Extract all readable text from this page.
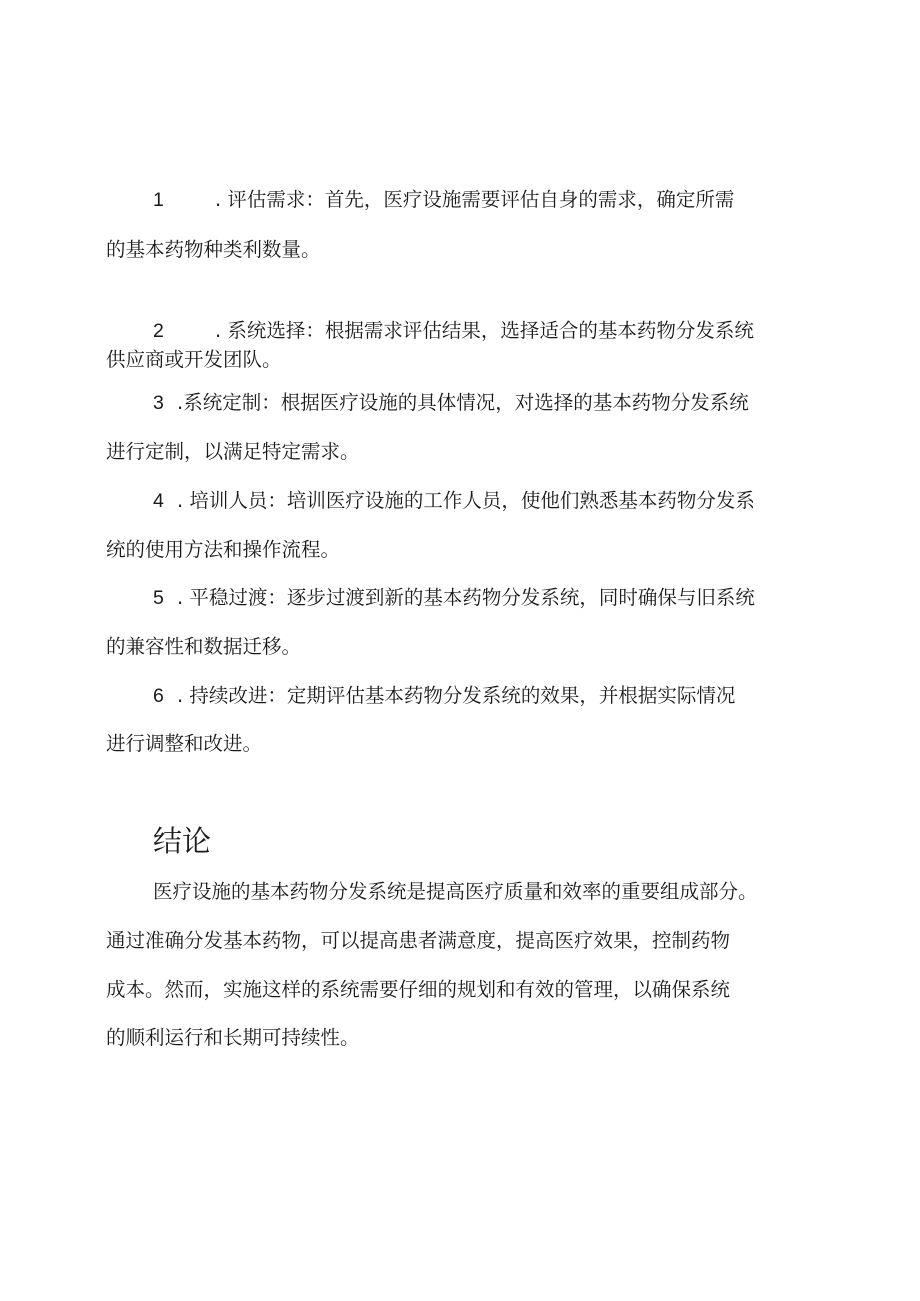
1	. 评估需求：首先，医疗设施需要评估自身的需求，确定所需
的基本药物种类利数量。
2	. 系统选择：根据需求评估结果，选择适合的基本药物分发系统
供应商或开发团队。
3 .系统定制：根据医疗设施的具体情况，对选择的基本药物分发系统
进行定制，以满足特定需求。
4 . 培训人员：培训医疗设施的工作人员，使他们熟悉基本药物分发系
统的使用方法和操作流程。
5 . 平稳过渡：逐步过渡到新的基本药物分发系统，同时确保与旧系统
的兼容性和数据迁移。
6 . 持续改进：定期评估基本药物分发系统的效果，并根据实际情况
进行调整和改进。
结论
医疗设施的基本药物分发系统是提高医疗质量和效率的重要组成部分。
通过准确分发基本药物，可以提高患者满意度，提高医疗效果，控制药物
成本。然而，实施这样的系统需要仔细的规划和有效的管理，以确保系统
的顺利运行和长期可持续性。
